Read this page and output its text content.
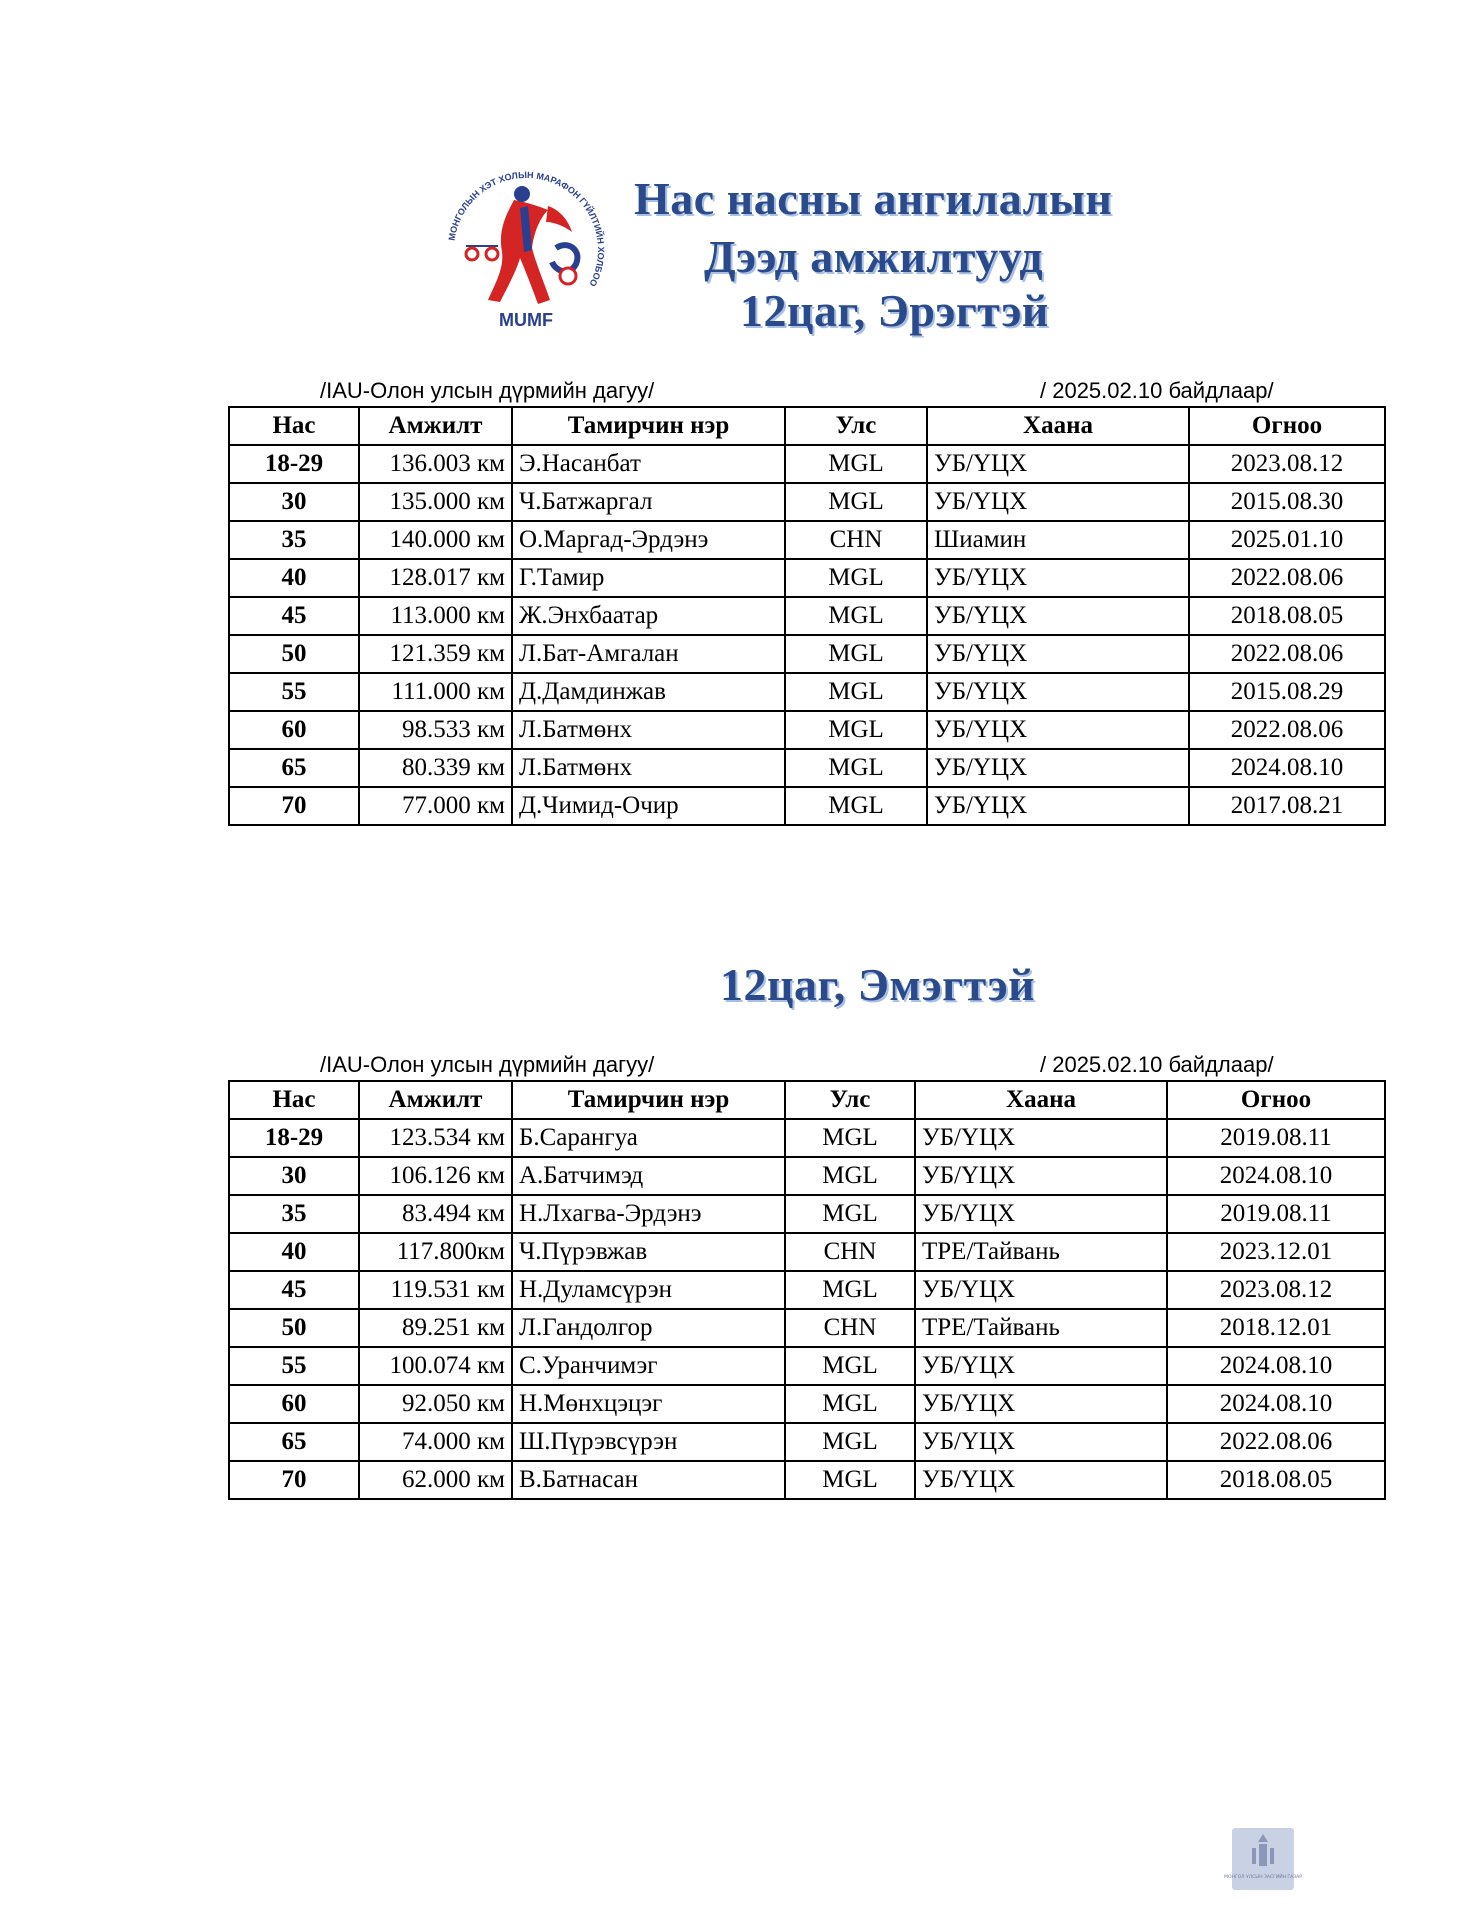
МОНГОЛЫН ХЭТ ХОЛЫН МАРАФОН ГҮЙЛТИЙН ХОЛБОО
MUMF
Нас насны ангилалын
Дээд амжилтууд
12цаг, Эрэгтэй
/IAU-Олон улсын дүрмийн дагуу/	/ 2025.02.10 байдлаар/
Нас	Амжилт	Тамирчин нэр	Улс	Хаана	Огноо
18-29	136.003 км	Э.Насанбат	MGL	УБ/ҮЦХ	2023.08.12
30	135.000 км	Ч.Батжаргал	MGL	УБ/ҮЦХ	2015.08.30
35	140.000 км	О.Маргад-Эрдэнэ	CHN	Шиамин	2025.01.10
40	128.017 км	Г.Тамир	MGL	УБ/ҮЦХ	2022.08.06
45	113.000 км	Ж.Энхбаатар	MGL	УБ/ҮЦХ	2018.08.05
50	121.359 км	Л.Бат-Амгалан	MGL	УБ/ҮЦХ	2022.08.06
55	111.000 км	Д.Дамдинжав	MGL	УБ/ҮЦХ	2015.08.29
60	98.533 км	Л.Батмөнх	MGL	УБ/ҮЦХ	2022.08.06
65	80.339 км	Л.Батмөнх	MGL	УБ/ҮЦХ	2024.08.10
70	77.000 км	Д.Чимид-Очир	MGL	УБ/ҮЦХ	2017.08.21
12цаг, Эмэгтэй
/IAU-Олон улсын дүрмийн дагуу/	/ 2025.02.10 байдлаар/
Нас	Амжилт	Тамирчин нэр	Улс	Хаана	Огноо
18-29	123.534 км	Б.Сарангуа	MGL	УБ/ҮЦХ	2019.08.11
30	106.126 км	А.Батчимэд	MGL	УБ/ҮЦХ	2024.08.10
35	83.494 км	Н.Лхагва-Эрдэнэ	MGL	УБ/ҮЦХ	2019.08.11
40	117.800км	Ч.Пүрэвжав	CHN	TPE/Тайвань	2023.12.01
45	119.531 км	Н.Дуламсүрэн	MGL	УБ/ҮЦХ	2023.08.12
50	89.251 км	Л.Гандолгор	CHN	TPE/Тайвань	2018.12.01
55	100.074 км	С.Уранчимэг	MGL	УБ/ҮЦХ	2024.08.10
60	92.050 км	Н.Мөнхцэцэг	MGL	УБ/ҮЦХ	2024.08.10
65	74.000 км	Ш.Пүрэвсүрэн	MGL	УБ/ҮЦХ	2022.08.06
70	62.000 км	В.Батнасан	MGL	УБ/ҮЦХ	2018.08.05
МОНГОЛ УЛСЫН ЗАСГИЙН ГАЗАР
